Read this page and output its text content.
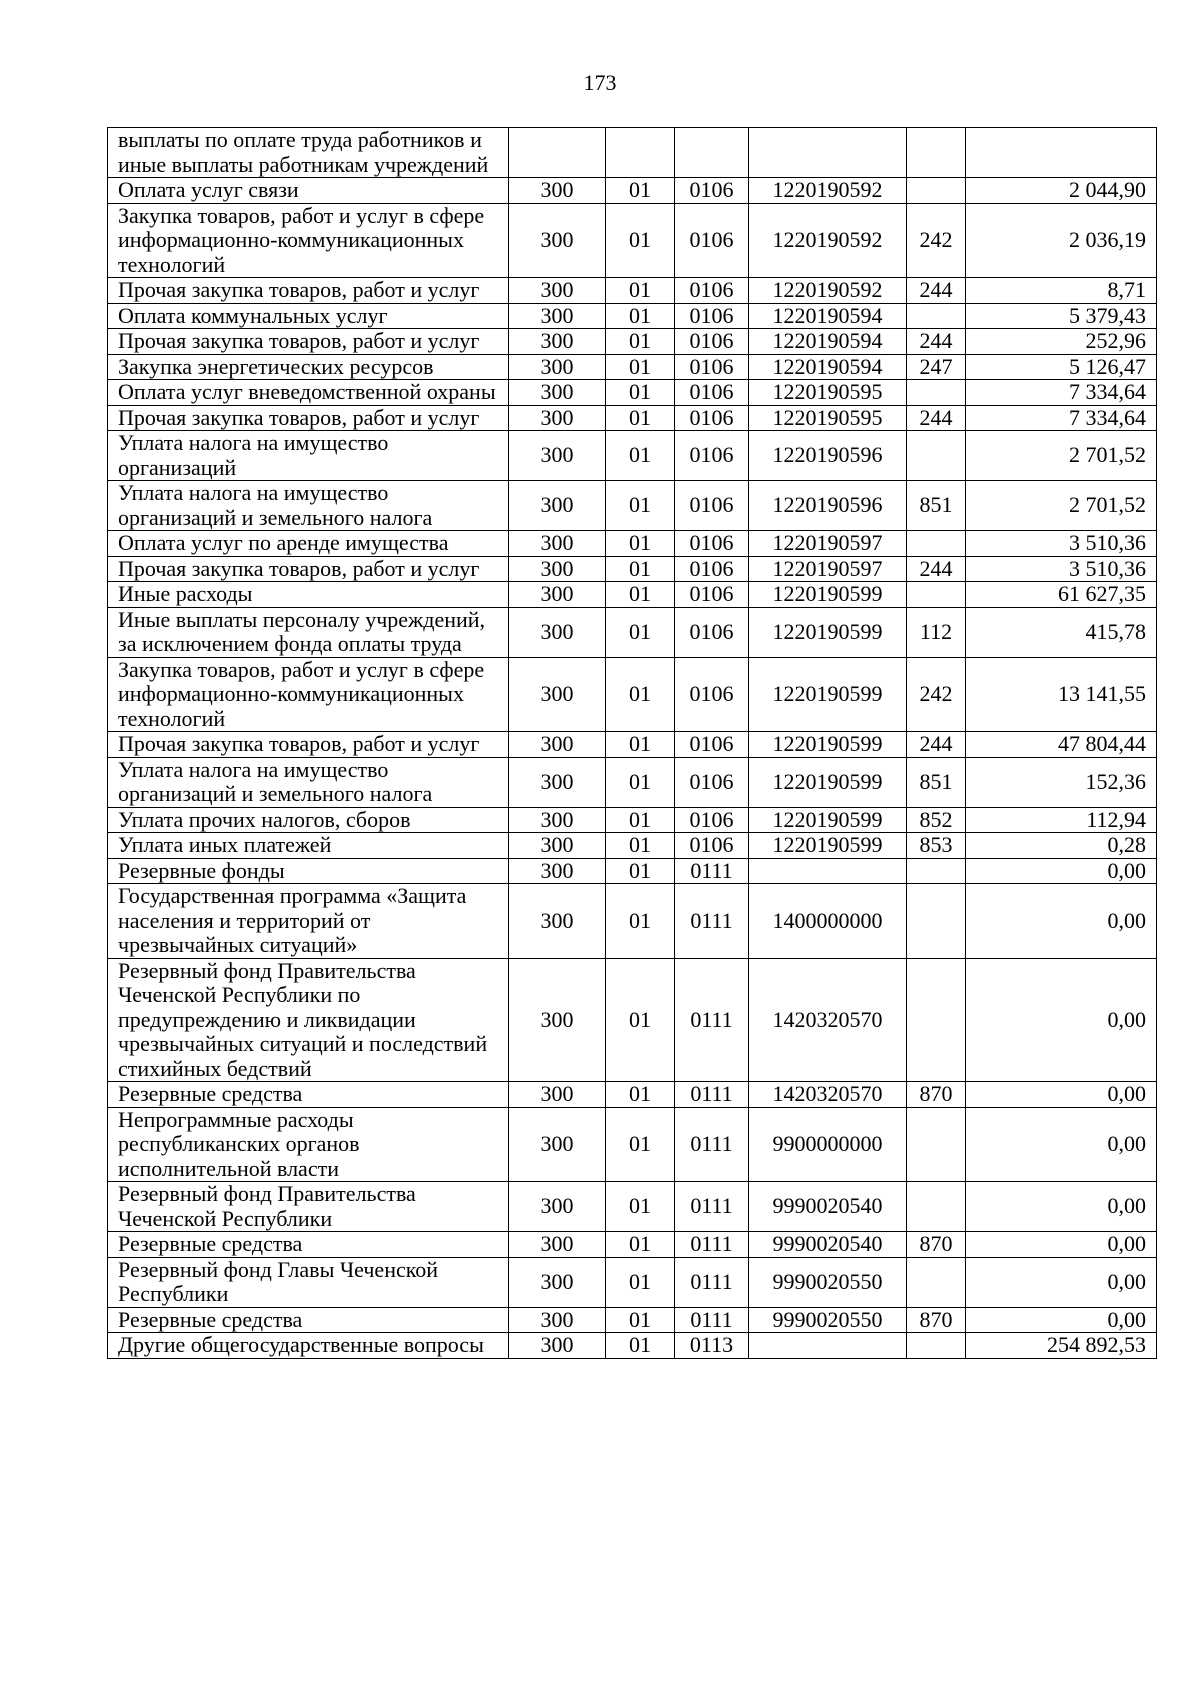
173
выплаты по оплате труда работников и иные выплаты работникам учреждений						
Оплата услуг связи	300	01	0106	1220190592		2 044,90
Закупка товаров, работ и услуг в сфере информационно-коммуникационных технологий	300	01	0106	1220190592	242	2 036,19
Прочая закупка товаров, работ и услуг	300	01	0106	1220190592	244	8,71
Оплата коммунальных услуг	300	01	0106	1220190594		5 379,43
Прочая закупка товаров, работ и услуг	300	01	0106	1220190594	244	252,96
Закупка энергетических ресурсов	300	01	0106	1220190594	247	5 126,47
Оплата услуг вневедомственной охраны	300	01	0106	1220190595		7 334,64
Прочая закупка товаров, работ и услуг	300	01	0106	1220190595	244	7 334,64
Уплата налога на имущество организаций	300	01	0106	1220190596		2 701,52
Уплата налога на имущество организаций и земельного налога	300	01	0106	1220190596	851	2 701,52
Оплата услуг по аренде имущества	300	01	0106	1220190597		3 510,36
Прочая закупка товаров, работ и услуг	300	01	0106	1220190597	244	3 510,36
Иные расходы	300	01	0106	1220190599		61 627,35
Иные выплаты персоналу учреждений, за исключением фонда оплаты труда	300	01	0106	1220190599	112	415,78
Закупка товаров, работ и услуг в сфере информационно-коммуникационных технологий	300	01	0106	1220190599	242	13 141,55
Прочая закупка товаров, работ и услуг	300	01	0106	1220190599	244	47 804,44
Уплата налога на имущество организаций и земельного налога	300	01	0106	1220190599	851	152,36
Уплата прочих налогов, сборов	300	01	0106	1220190599	852	112,94
Уплата иных платежей	300	01	0106	1220190599	853	0,28
Резервные фонды	300	01	0111			0,00
Государственная программа «Защита населения и территорий от чрезвычайных ситуаций»	300	01	0111	1400000000		0,00
Резервный фонд Правительства Чеченской Республики по предупреждению и ликвидации чрезвычайных ситуаций и последствий стихийных бедствий	300	01	0111	1420320570		0,00
Резервные средства	300	01	0111	1420320570	870	0,00
Непрограммные расходы республиканских органов исполнительной власти	300	01	0111	9900000000		0,00
Резервный фонд Правительства Чеченской Республики	300	01	0111	9990020540		0,00
Резервные средства	300	01	0111	9990020540	870	0,00
Резервный фонд Главы Чеченской Республики	300	01	0111	9990020550		0,00
Резервные средства	300	01	0111	9990020550	870	0,00
Другие общегосударственные вопросы	300	01	0113			254 892,53
